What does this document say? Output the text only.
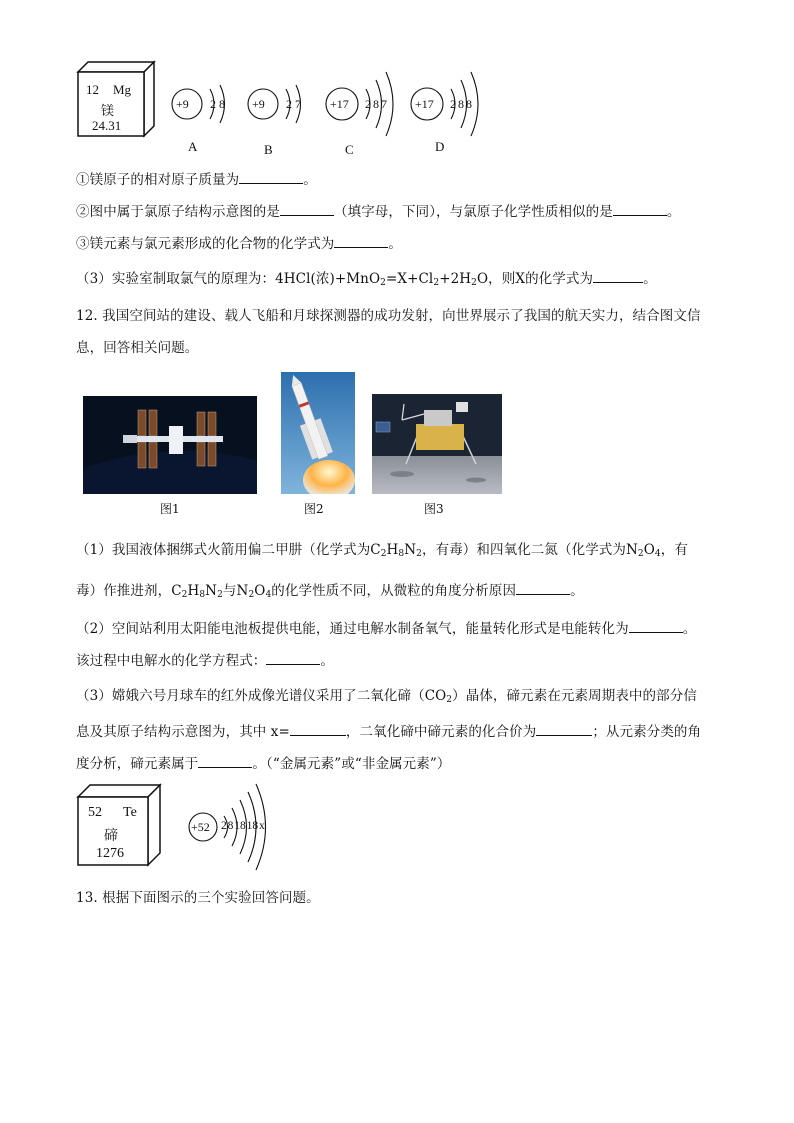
12 Mg
镁
24.31
+9 2 8
A
+9 2 7
B
+17 2 8 7
C
+17 2 8 8
D
①镁原子的相对原子质量为	。
②图中属于氯原子结构示意图的是	（填字母，下同），与氯原子化学性质相似的是	。
③镁元素与氯元素形成的化合物的化学式为	。
（3）实验室制取氯气的原理为：4HCl(浓)$+MnO_2=X+Cl_2+2H_2O$，则X的化学式为	。
12. 我国空间站的建设、载人飞船和月球探测器的成功发射，向世界展示了我国的航天实力，结合图文信
息，回答相关问题。
图1	图2	图3
（1）我国液体捆绑式火箭用偏二甲肼（化学式为$C_2H_8N_2$，有毒）和四氧化二氮（化学式为$N_2O_4$，有
毒）作推进剂，$C_2H_8N_2$与$N_2O_4$的化学性质不同，从微粒的角度分析原因	。
（2）空间站利用太阳能电池板提供电能，通过电解水制备氧气，能量转化形式是电能转化为	。
该过程中电解水的化学方程式：	。
（3）嫦娥六号月球车的红外成像光谱仪采用了二氧化碲$(CO_2)$晶体，碲元素在元素周期表中的部分信
息及其原子结构示意图为，其中 x=	，二氧化碲中碲元素的化合价为	；从元素分类的角
度分析，碲元素属于	。（“金属元素”或“非金属元素”）
52 Te
碲
1276
+52 2 8 18 18 x
13. 根据下面图示的三个实验回答问题。
